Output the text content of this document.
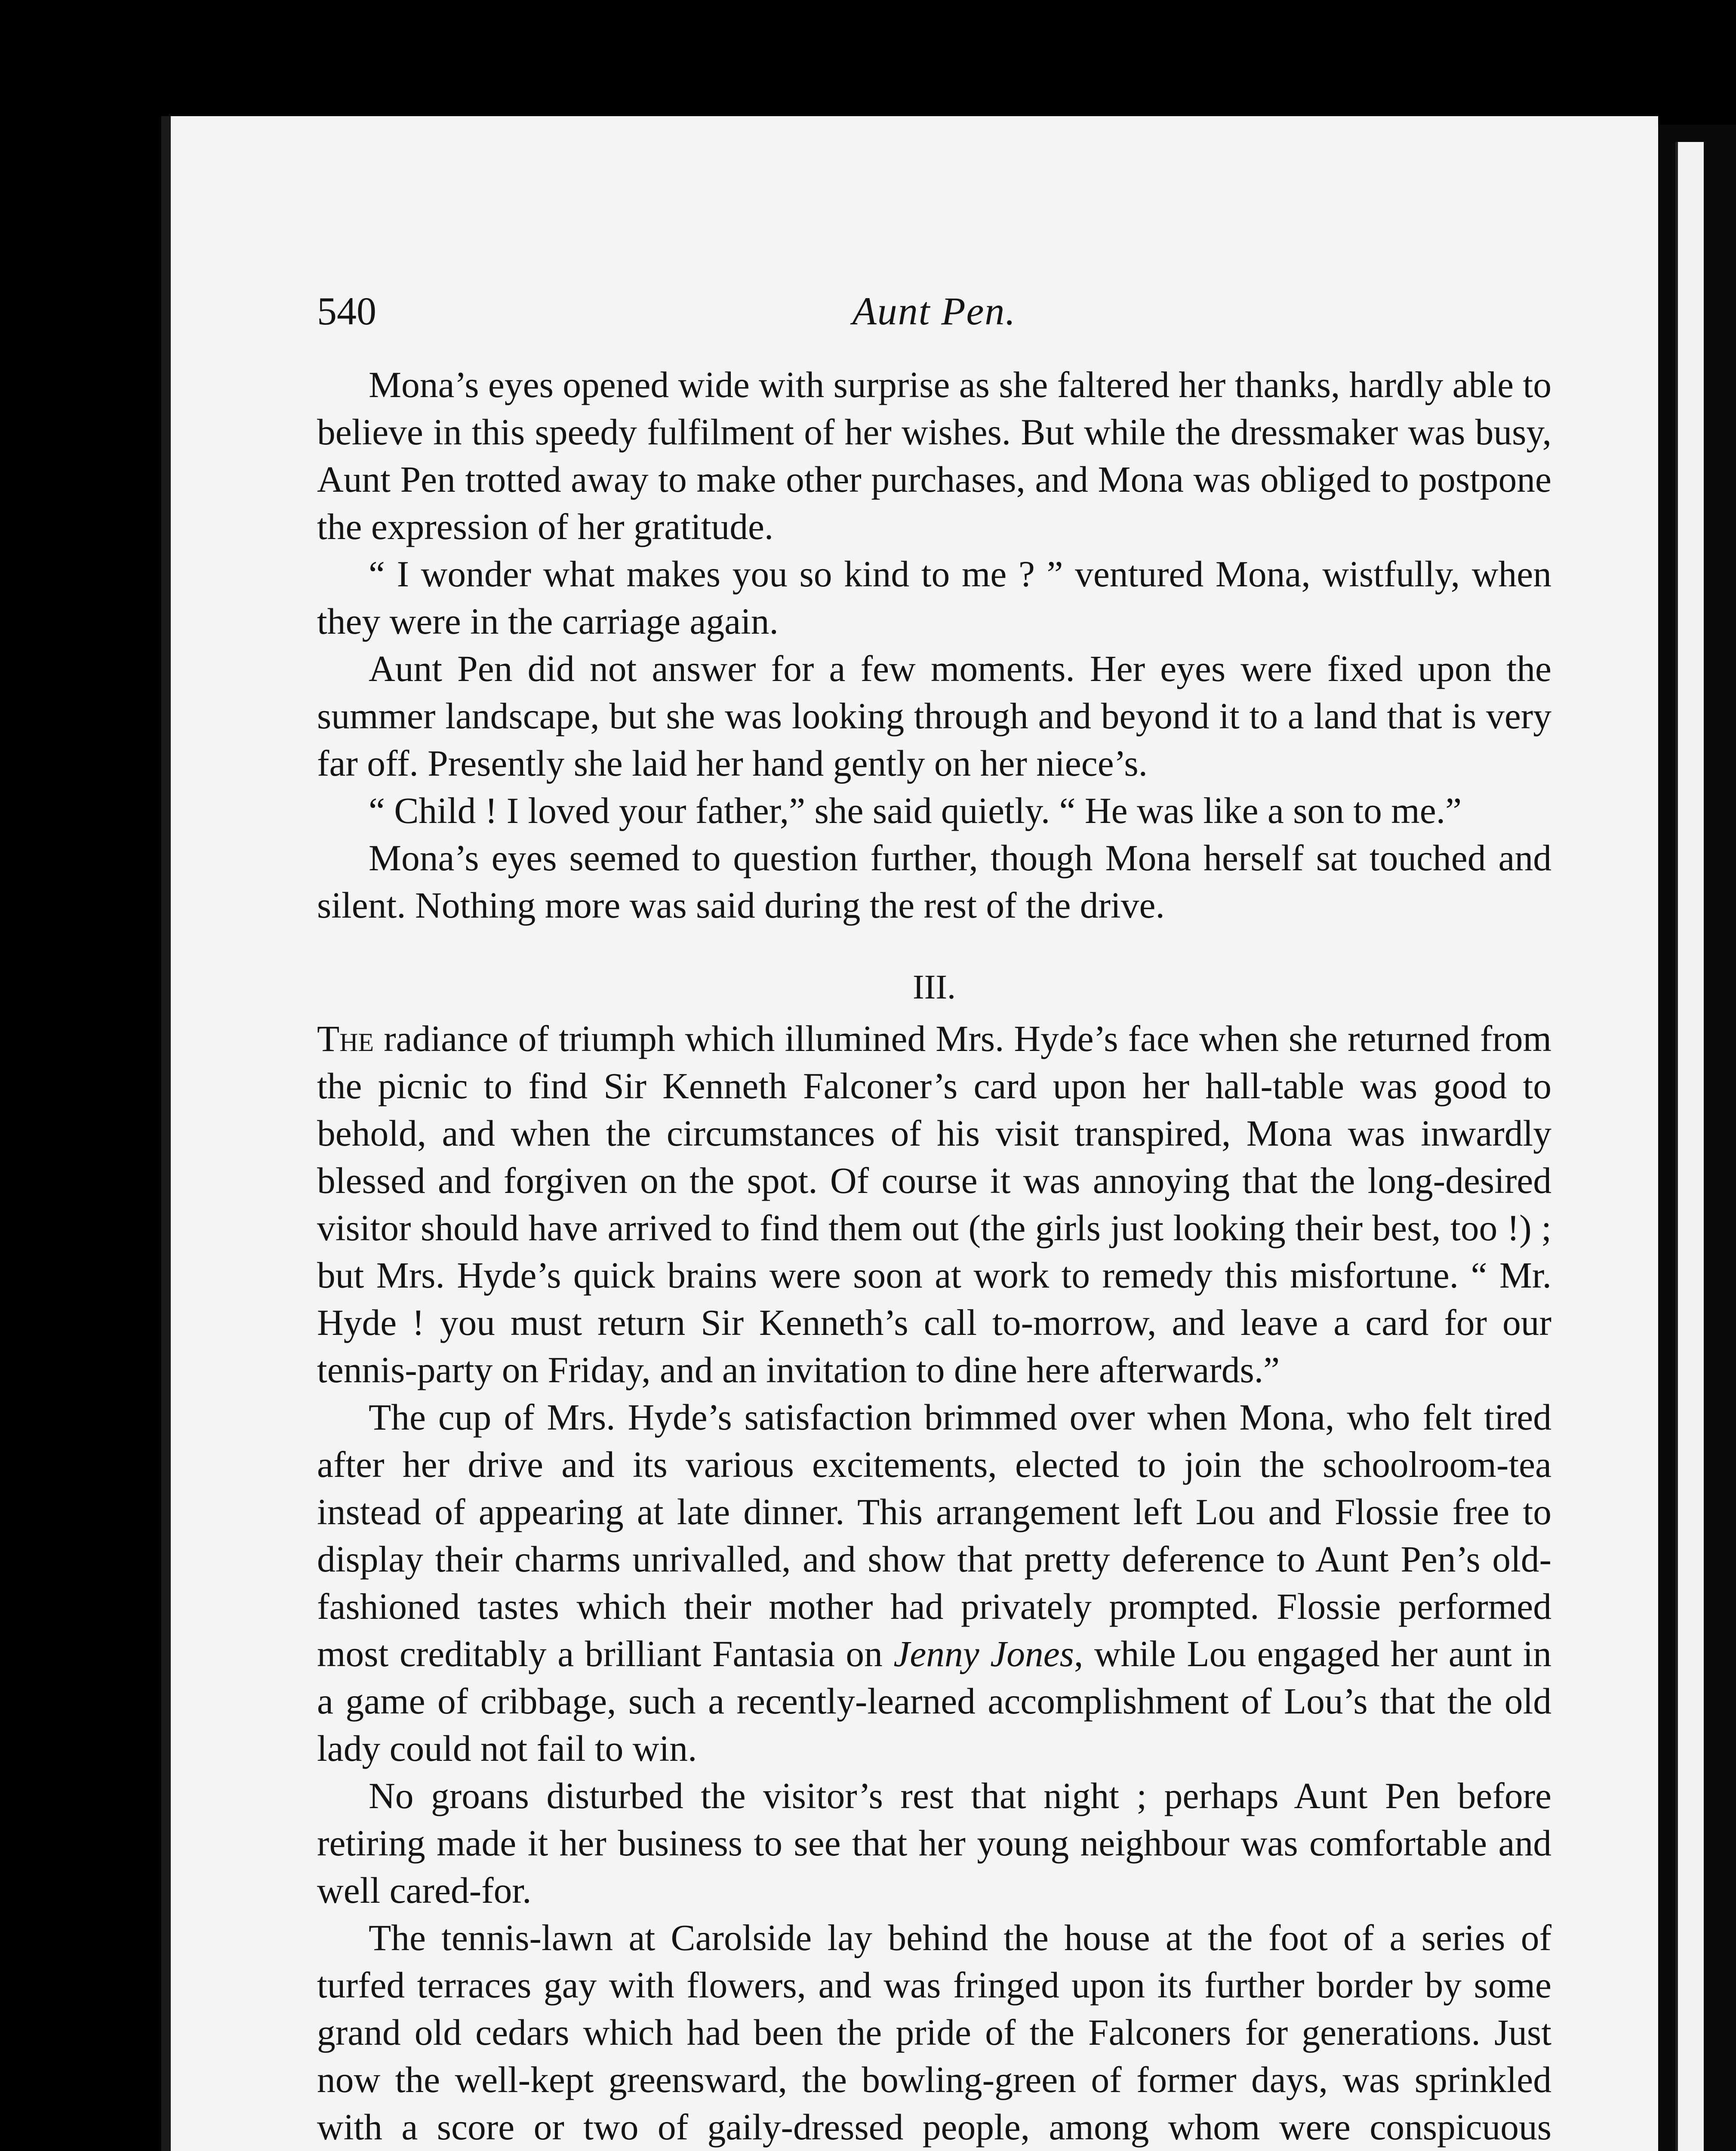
540	Aunt Pen.

Mona’s eyes opened wide with surprise as she faltered her thanks, hardly able to believe in this speedy fulfilment of her wishes. But while the dressmaker was busy, Aunt Pen trotted away to make other purchases, and Mona was obliged to postpone the expression of her gratitude.

“ I wonder what makes you so kind to me ? ” ventured Mona, wistfully, when they were in the carriage again.

Aunt Pen did not answer for a few moments. Her eyes were fixed upon the summer landscape, but she was looking through and beyond it to a land that is very far off. Presently she laid her hand gently on her niece’s.

“ Child ! I loved your father,” she said quietly. “ He was like a son to me.”

Mona’s eyes seemed to question further, though Mona herself sat touched and silent. Nothing more was said during the rest of the drive.

III.

The radiance of triumph which illumined Mrs. Hyde’s face when she returned from the picnic to find Sir Kenneth Falconer’s card upon her hall-table was good to behold, and when the circumstances of his visit transpired, Mona was inwardly blessed and forgiven on the spot. Of course it was annoying that the long-desired visitor should have arrived to find them out (the girls just looking their best, too !) ; but Mrs. Hyde’s quick brains were soon at work to remedy this misfortune. “ Mr. Hyde ! you must return Sir Kenneth’s call to-morrow, and leave a card for our tennis-party on Friday, and an invitation to dine here afterwards.”

The cup of Mrs. Hyde’s satisfaction brimmed over when Mona, who felt tired after her drive and its various excitements, elected to join the schoolroom-tea instead of appearing at late dinner. This arrangement left Lou and Flossie free to display their charms unrivalled, and show that pretty deference to Aunt Pen’s old-fashioned tastes which their mother had privately prompted. Flossie performed most creditably a brilliant Fantasia on Jenny Jones, while Lou engaged her aunt in a game of cribbage, such a recently-learned accomplishment of Lou’s that the old lady could not fail to win.

No groans disturbed the visitor’s rest that night ; perhaps Aunt Pen before retiring made it her business to see that her young neighbour was comfortable and well cared-for.

The tennis-lawn at Carolside lay behind the house at the foot of a series of turfed terraces gay with flowers, and was fringed upon its further border by some grand old cedars which had been the pride of the Falconers for generations. Just now the well-kept greensward, the bowling-green of former days, was sprinkled with a score or two of gaily-dressed people, among whom were conspicuous
